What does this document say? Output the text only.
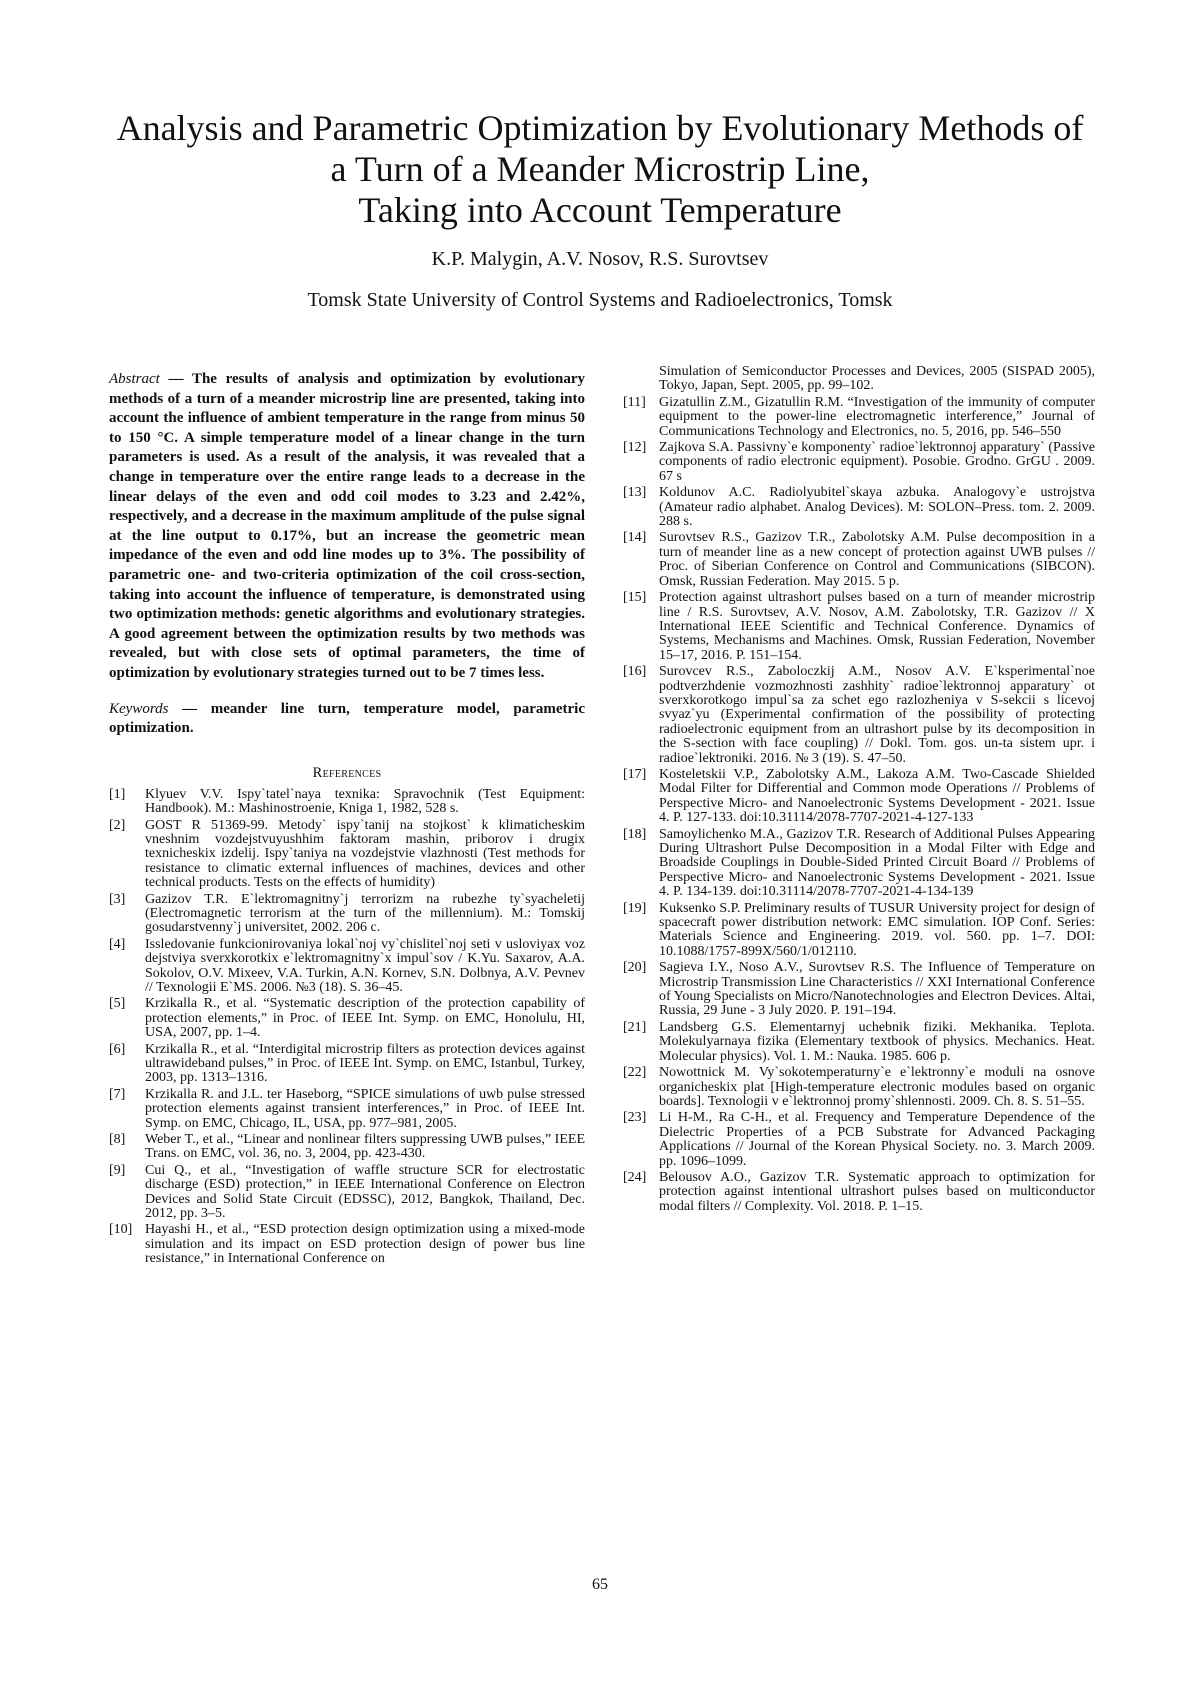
Analysis and Parametric Optimization by Evolutionary Methods of
a Turn of a Meander Microstrip Line,
Taking into Account Temperature
K.P. Malygin, A.V. Nosov, R.S. Surovtsev
Tomsk State University of Control Systems and Radioelectronics, Tomsk

Abstract — The results of analysis and optimization by evolutionary methods of a turn of a meander microstrip line are presented, taking into account the influence of ambient temperature in the range from minus 50 to 150 °C. A simple temperature model of a linear change in the turn parameters is used. As a result of the analysis, it was revealed that a change in temperature over the entire range leads to a decrease in the linear delays of the even and odd coil modes to 3.23 and 2.42%, respectively, and a decrease in the maximum amplitude of the pulse signal at the line output to 0.17%, but an increase the geometric mean impedance of the even and odd line modes up to 3%. The possibility of parametric one- and two-criteria optimization of the coil cross-section, taking into account the influence of temperature, is demonstrated using two optimization methods: genetic algorithms and evolutionary strategies. A good agreement between the optimization results by two methods was revealed, but with close sets of optimal parameters, the time of optimization by evolutionary strategies turned out to be 7 times less.

Keywords — meander line turn, temperature model, parametric optimization.

References
[1] Klyuev V.V. Ispy`tatel`naya texnika: Spravochnik (Test Equipment: Handbook). M.: Mashinostroenie, Kniga 1, 1982, 528 s.
[2] GOST R 51369-99. Metody` ispy`tanij na stojkost` k klimaticheskim vneshnim vozdejstvuyushhim faktoram mashin, priborov i drugix texnicheskix izdelij. Ispy`taniya na vozdejstvie vlazhnosti (Test methods for resistance to climatic external influences of machines, devices and other technical products. Tests on the effects of humidity)
[3] Gazizov T.R. E`lektromagnitny`j terrorizm na rubezhe ty`syacheletij (Electromagnetic terrorism at the turn of the millennium). M.: Tomskij gosudarstvenny`j universitet, 2002. 206 c.
[4] Issledovanie funkcionirovaniya lokal`noj vy`chislitel`noj seti v usloviyax voz dejstviya sverxkorotkix e`lektromagnitny`x impul`sov / K.Yu. Saxarov, A.A. Sokolov, O.V. Mixeev, V.A. Turkin, A.N. Kornev, S.N. Dolbnya, A.V. Pevnev // Texnologii E`MS. 2006. №3 (18). S. 36–45.
[5] Krzikalla R., et al. “Systematic description of the protection capability of protection elements,” in Proc. of IEEE Int. Symp. on EMC, Honolulu, HI, USA, 2007, pp. 1–4.
[6] Krzikalla R., et al. “Interdigital microstrip filters as protection devices against ultrawideband pulses,” in Proc. of IEEE Int. Symp. on EMC, Istanbul, Turkey, 2003, pp. 1313–1316.
[7] Krzikalla R. and J.L. ter Haseborg, “SPICE simulations of uwb pulse stressed protection elements against transient interferences,” in Proc. of IEEE Int. Symp. on EMC, Chicago, IL, USA, pp. 977–981, 2005.
[8] Weber T., et al., “Linear and nonlinear filters suppressing UWB pulses,” IEEE Trans. on EMC, vol. 36, no. 3, 2004, pp. 423-430.
[9] Cui Q., et al., “Investigation of waffle structure SCR for electrostatic discharge (ESD) protection,” in IEEE International Conference on Electron Devices and Solid State Circuit (EDSSC), 2012, Bangkok, Thailand, Dec. 2012, pp. 3–5.
[10] Hayashi H., et al., “ESD protection design optimization using a mixed-mode simulation and its impact on ESD protection design of power bus line resistance,” in International Conference on
Simulation of Semiconductor Processes and Devices, 2005 (SISPAD 2005), Tokyo, Japan, Sept. 2005, pp. 99–102.
[11] Gizatullin Z.M., Gizatullin R.M. “Investigation of the immunity of computer equipment to the power-line electromagnetic interference,” Journal of Communications Technology and Electronics, no. 5, 2016, pp. 546–550
[12] Zajkova S.A. Passivny`e komponenty` radioe`lektronnoj apparatury` (Passive components of radio electronic equipment). Posobie. Grodno. GrGU . 2009. 67 s
[13] Koldunov A.C. Radiolyubitel`skaya azbuka. Analogovy`e ustrojstva (Amateur radio alphabet. Analog Devices). M: SOLON–Press. tom. 2. 2009. 288 s.
[14] Surovtsev R.S., Gazizov T.R., Zabolotsky A.M. Pulse decomposition in a turn of meander line as a new concept of protection against UWB pulses // Proc. of Siberian Conference on Control and Communications (SIBCON). Omsk, Russian Federation. May 2015. 5 p.
[15] Protection against ultrashort pulses based on a turn of meander microstrip line / R.S. Surovtsev, A.V. Nosov, A.M. Zabolotsky, T.R. Gazizov // X International IEEE Scientific and Technical Conference. Dynamics of Systems, Mechanisms and Machines. Omsk, Russian Federation, November 15–17, 2016. P. 151–154.
[16] Surovcev R.S., Zaboloczkij A.M., Nosov A.V. E`ksperimental`noe podtverzhdenie vozmozhnosti zashhity` radioe`lektronnoj apparatury` ot sverxkorotkogo impul`sa za schet ego razlozheniya v S-sekcii s licevoj svyaz`yu (Experimental confirmation of the possibility of protecting radioelectronic equipment from an ultrashort pulse by its decomposition in the S-section with face coupling) // Dokl. Tom. gos. un-ta sistem upr. i radioe`lektroniki. 2016. № 3 (19). S. 47–50.
[17] Kosteletskii V.P., Zabolotsky A.M., Lakoza A.M. Two-Cascade Shielded Modal Filter for Differential and Common mode Operations // Problems of Perspective Micro- and Nanoelectronic Systems Development - 2021. Issue 4. P. 127-133. doi:10.31114/2078-7707-2021-4-127-133
[18] Samoylichenko M.A., Gazizov T.R. Research of Additional Pulses Appearing During Ultrashort Pulse Decomposition in a Modal Filter with Edge and Broadside Couplings in Double-Sided Printed Circuit Board // Problems of Perspective Micro- and Nanoelectronic Systems Development - 2021. Issue 4. P. 134-139. doi:10.31114/2078-7707-2021-4-134-139
[19] Kuksenko S.P. Preliminary results of TUSUR University project for design of spacecraft power distribution network: EMC simulation. IOP Conf. Series: Materials Science and Engineering. 2019. vol. 560. pp. 1–7. DOI: 10.1088/1757-899X/560/1/012110.
[20] Sagieva I.Y., Noso A.V., Surovtsev R.S. The Influence of Temperature on Microstrip Transmission Line Characteristics // XXI International Conference of Young Specialists on Micro/Nanotechnologies and Electron Devices. Altai, Russia, 29 June - 3 July 2020. P. 191–194.
[21] Landsberg G.S. Elementarnyj uchebnik fiziki. Mekhanika. Teplota. Molekulyarnaya fizika (Elementary textbook of physics. Mechanics. Heat. Molecular physics). Vol. 1. M.: Nauka. 1985. 606 p.
[22] Nowottnick M. Vy`sokotemperaturny`e e`lektronny`e moduli na osnove organicheskix plat [High-temperature electronic modules based on organic boards]. Texnologii v e`lektronnoj promy`shlennosti. 2009. Ch. 8. S. 51–55.
[23] Li H-M., Ra C-H., et al. Frequency and Temperature Dependence of the Dielectric Properties of a PCB Substrate for Advanced Packaging Applications // Journal of the Korean Physical Society. no. 3. March 2009. pp. 1096–1099.
[24] Belousov A.O., Gazizov T.R. Systematic approach to optimization for protection against intentional ultrashort pulses based on multiconductor modal filters // Complexity. Vol. 2018. P. 1–15.
65
